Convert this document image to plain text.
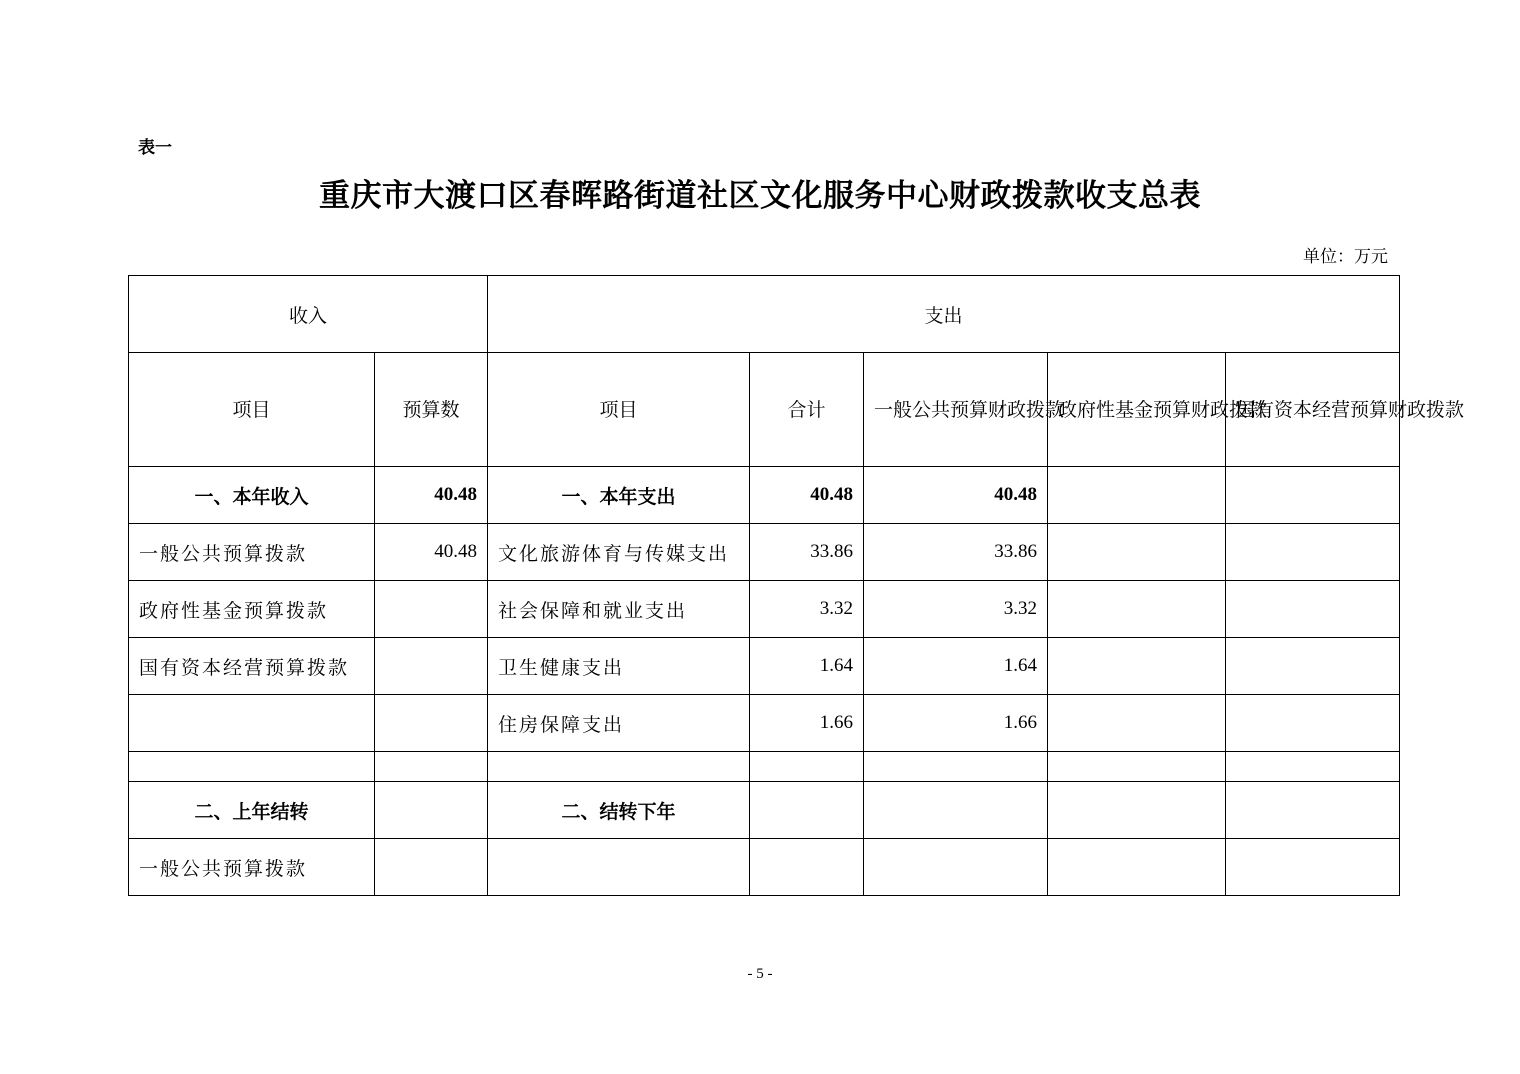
表一
重庆市大渡口区春晖路街道社区文化服务中心财政拨款收支总表
单位：万元
收入		支出				
项目	预算数	项目	合计	一般公共预算财政拨款	政府性基金预算财政拨款	国有资本经营预算财政拨款
一、本年收入	40.48	一、本年支出	40.48	40.48		
一般公共预算拨款	40.48	文化旅游体育与传媒支出	33.86	33.86		
政府性基金预算拨款		社会保障和就业支出	3.32	3.32		
国有资本经营预算拨款		卫生健康支出	1.64	1.64		
		住房保障支出	1.66	1.66		

二、上年结转		二、结转下年				
一般公共预算拨款						
- 5 -
